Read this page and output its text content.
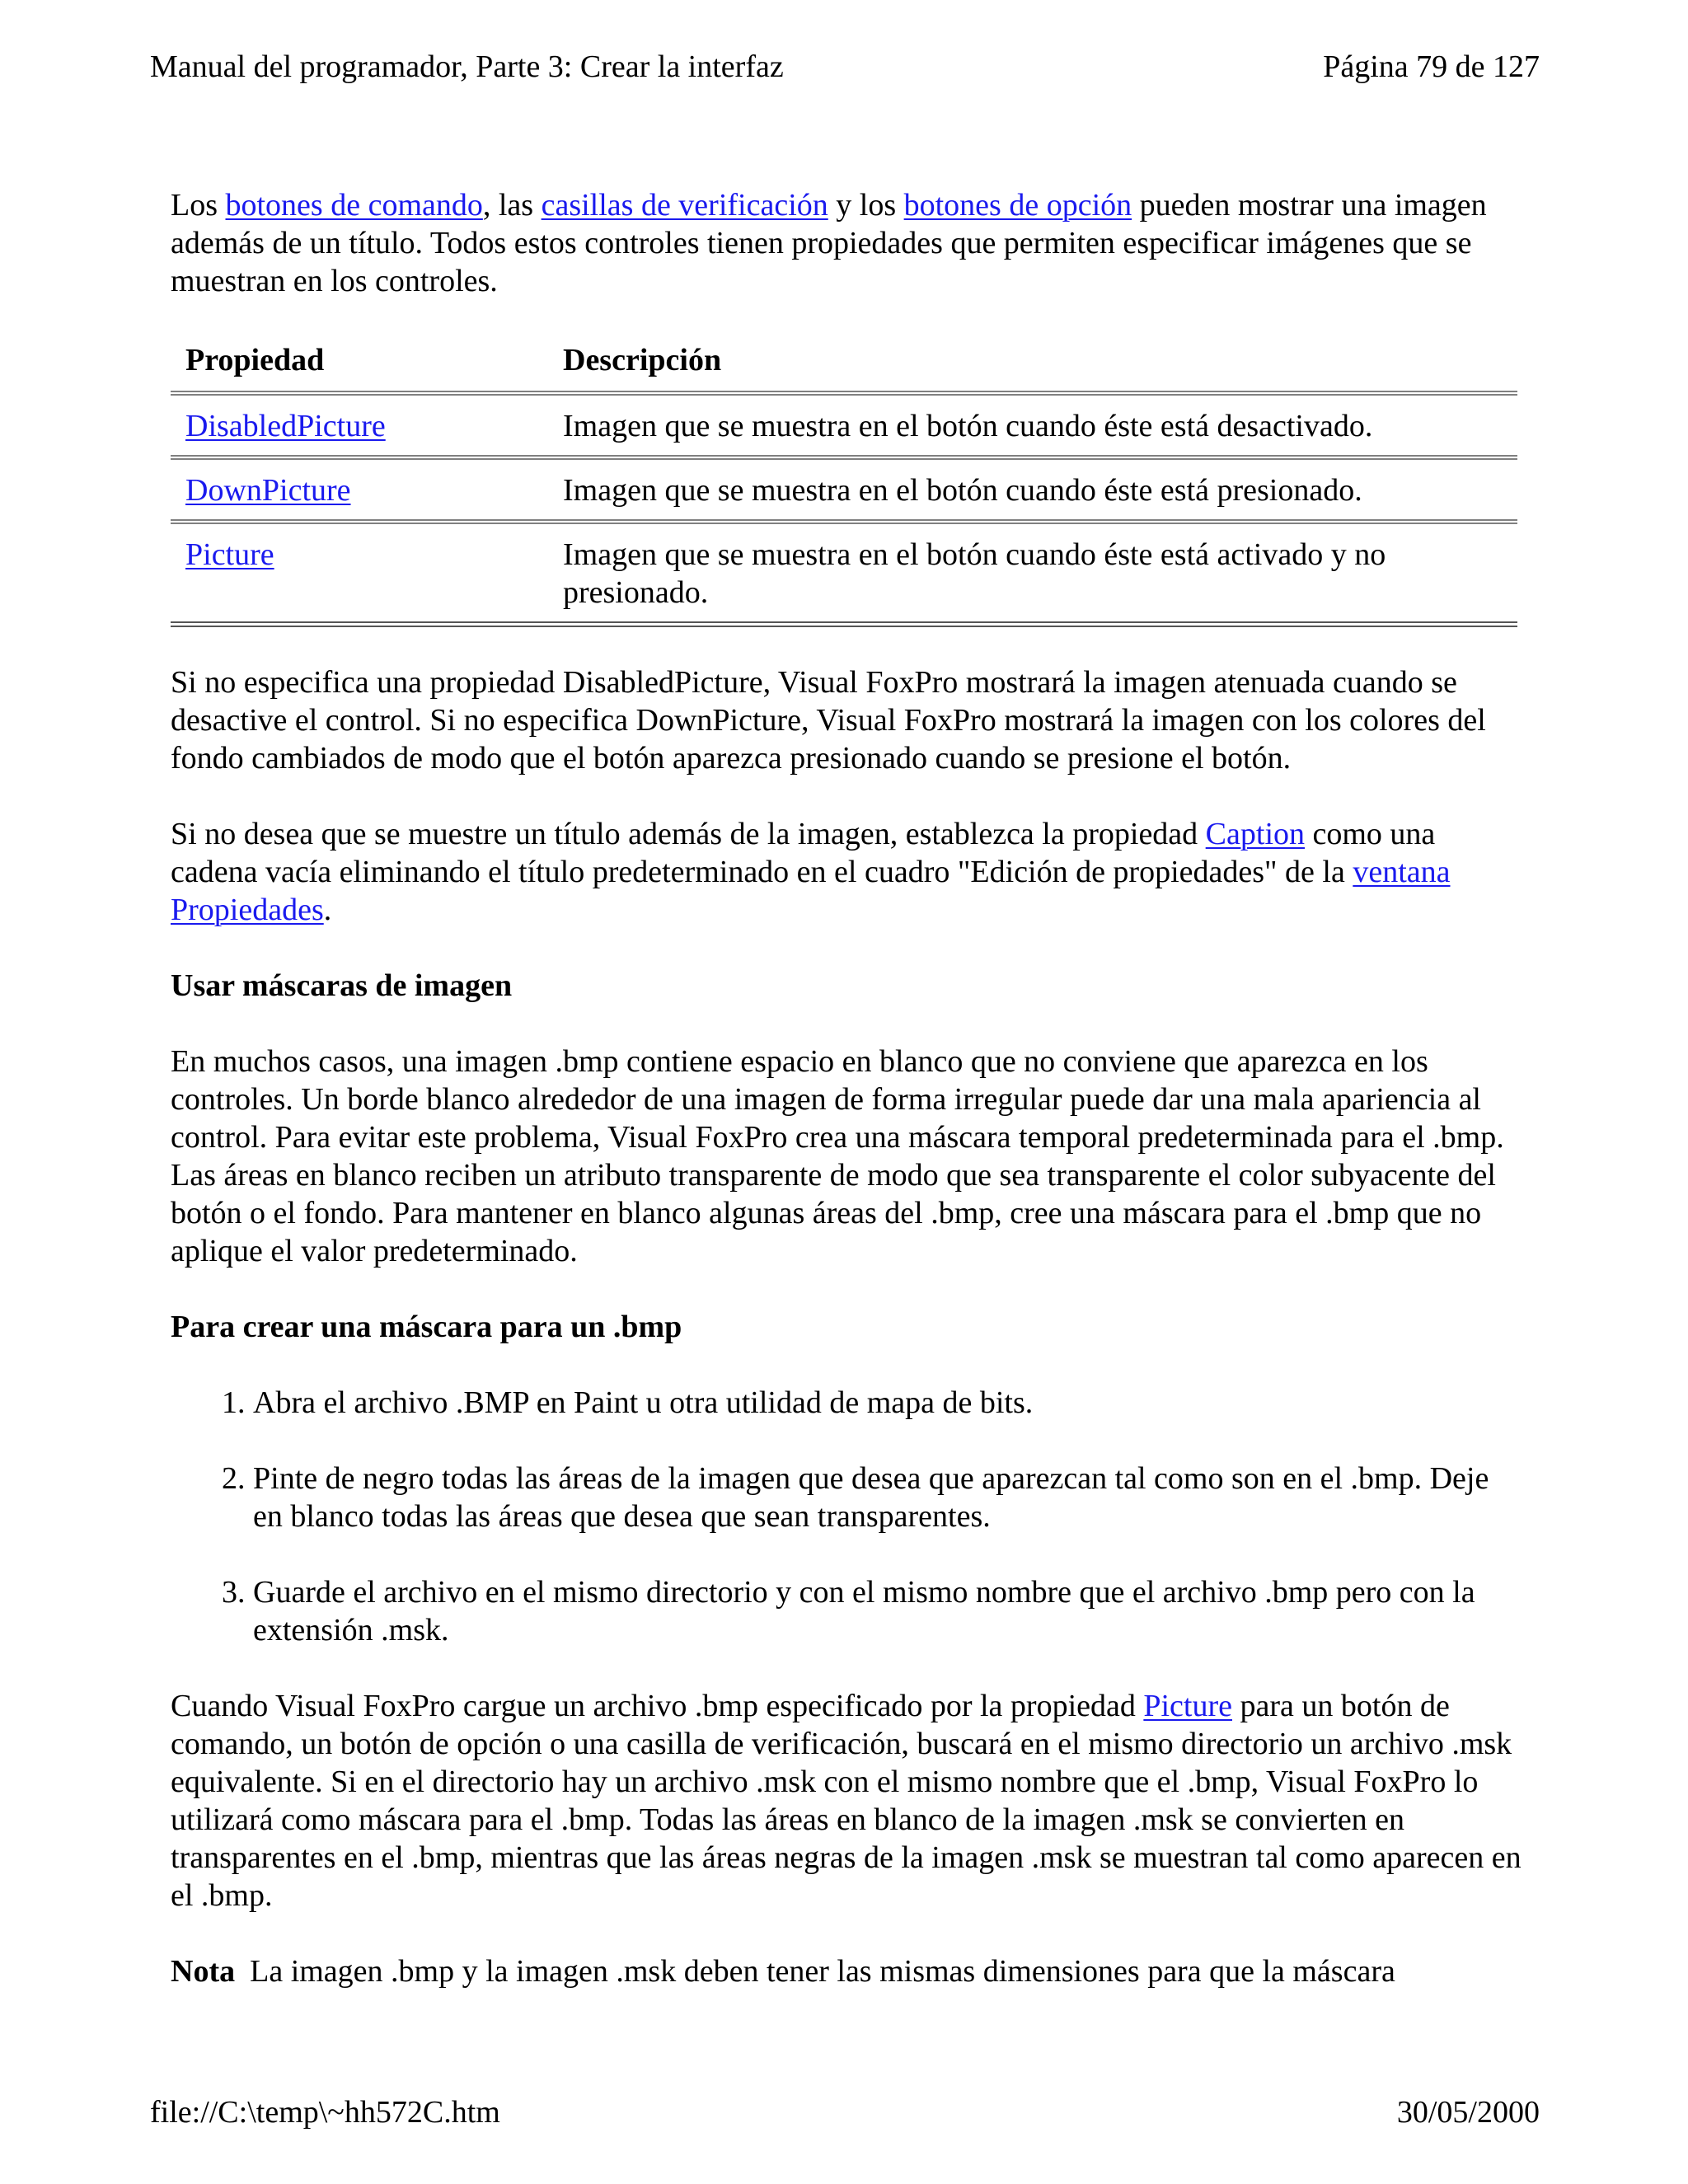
Manual del programador, Parte 3: Crear la interfaz	Página 79 de 127

Los botones de comando, las casillas de verificación y los botones de opción pueden mostrar una imagen además de un título. Todos estos controles tienen propiedades que permiten especificar imágenes que se muestran en los controles.

Propiedad	Descripción
DisabledPicture	Imagen que se muestra en el botón cuando éste está desactivado.
DownPicture	Imagen que se muestra en el botón cuando éste está presionado.
Picture	Imagen que se muestra en el botón cuando éste está activado y no presionado.

Si no especifica una propiedad DisabledPicture, Visual FoxPro mostrará la imagen atenuada cuando se desactive el control. Si no especifica DownPicture, Visual FoxPro mostrará la imagen con los colores del fondo cambiados de modo que el botón aparezca presionado cuando se presione el botón.

Si no desea que se muestre un título además de la imagen, establezca la propiedad Caption como una cadena vacía eliminando el título predeterminado en el cuadro "Edición de propiedades" de la ventana Propiedades.

Usar máscaras de imagen

En muchos casos, una imagen .bmp contiene espacio en blanco que no conviene que aparezca en los controles. Un borde blanco alrededor de una imagen de forma irregular puede dar una mala apariencia al control. Para evitar este problema, Visual FoxPro crea una máscara temporal predeterminada para el .bmp. Las áreas en blanco reciben un atributo transparente de modo que sea transparente el color subyacente del botón o el fondo. Para mantener en blanco algunas áreas del .bmp, cree una máscara para el .bmp que no aplique el valor predeterminado.

Para crear una máscara para un .bmp

1. Abra el archivo .BMP en Paint u otra utilidad de mapa de bits.
2. Pinte de negro todas las áreas de la imagen que desea que aparezcan tal como son en el .bmp. Deje en blanco todas las áreas que desea que sean transparentes.
3. Guarde el archivo en el mismo directorio y con el mismo nombre que el archivo .bmp pero con la extensión .msk.

Cuando Visual FoxPro cargue un archivo .bmp especificado por la propiedad Picture para un botón de comando, un botón de opción o una casilla de verificación, buscará en el mismo directorio un archivo .msk equivalente. Si en el directorio hay un archivo .msk con el mismo nombre que el .bmp, Visual FoxPro lo utilizará como máscara para el .bmp. Todas las áreas en blanco de la imagen .msk se convierten en transparentes en el .bmp, mientras que las áreas negras de la imagen .msk se muestran tal como aparecen en el .bmp.

Nota La imagen .bmp y la imagen .msk deben tener las mismas dimensiones para que la máscara

file://C:\temp\~hh572C.htm	30/05/2000
